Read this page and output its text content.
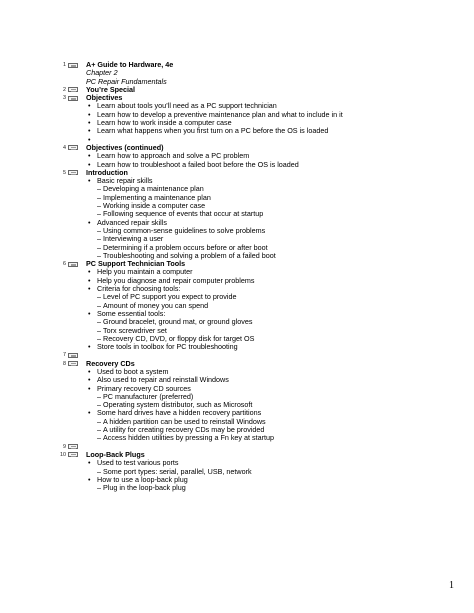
1	A+ Guide to Hardware, 4e
Chapter 2
PC Repair Fundamentals
2	You’re Special
3	Objectives
• Learn about tools you’ll need as a PC support technician
• Learn how to develop a preventive maintenance plan and what to include in it
• Learn how to work inside a computer case
• Learn what happens when you first turn on a PC before the OS is loaded
•
4	Objectives (continued)
• Learn how to approach and solve a PC problem
• Learn how to troubleshoot a failed boot before the OS is loaded
5	Introduction
• Basic repair skills
– Developing a maintenance plan
– Implementing a maintenance plan
– Working inside a computer case
– Following sequence of events that occur at startup
• Advanced repair skills
– Using common-sense guidelines to solve problems
– Interviewing a user
– Determining if a problem occurs before or after boot
– Troubleshooting and solving a problem of a failed boot
6	PC Support Technician Tools
• Help you maintain a computer
• Help you diagnose and repair computer problems
• Criteria for choosing tools:
– Level of PC support you expect to provide
– Amount of money you can spend
• Some essential tools:
– Ground bracelet, ground mat, or ground gloves
– Torx screwdriver set
– Recovery CD, DVD, or floppy disk for target OS
• Store tools in toolbox for PC troubleshooting
7
8	Recovery CDs
• Used to boot a system
• Also used to repair and reinstall Windows
• Primary recovery CD sources
– PC manufacturer (preferred)
– Operating system distributor, such as Microsoft
• Some hard drives have a hidden recovery partitions
– A hidden partition can be used to reinstall Windows
– A utility for creating recovery CDs may be provided
– Access hidden utilities by pressing a Fn key at startup
9
10	Loop-Back Plugs
• Used to test various ports
– Some port types: serial, parallel, USB, network
• How to use a loop-back plug
– Plug in the loop-back plug
1
